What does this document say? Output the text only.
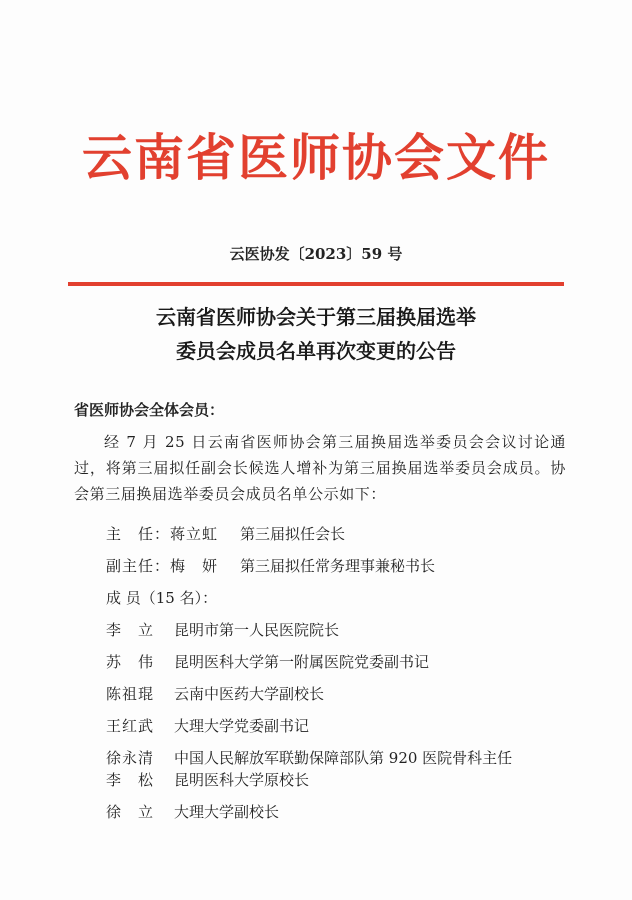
云南省医师协会文件
云医协发〔2023〕59 号
云南省医师协会关于第三届换届选举
委员会成员名单再次变更的公告
省医师协会全体会员：
经 7 月 25 日云南省医师协会第三届换届选举委员会会议讨论通过，将第三届拟任副会长候选人增补为第三届换届选举委员会成员。协会第三届换届选举委员会成员名单公示如下：
主　任：蒋立虹 第三届拟任会长
副主任：梅　妍 第三届拟任常务理事兼秘书长
成 员（15 名）：
李　立 昆明市第一人民医院院长
苏　伟 昆明医科大学第一附属医院党委副书记
陈祖琨 云南中医药大学副校长
王红武 大理大学党委副书记
徐永清 中国人民解放军联勤保障部队第 920 医院骨科主任
李　松 昆明医科大学原校长
徐　立 大理大学副校长
